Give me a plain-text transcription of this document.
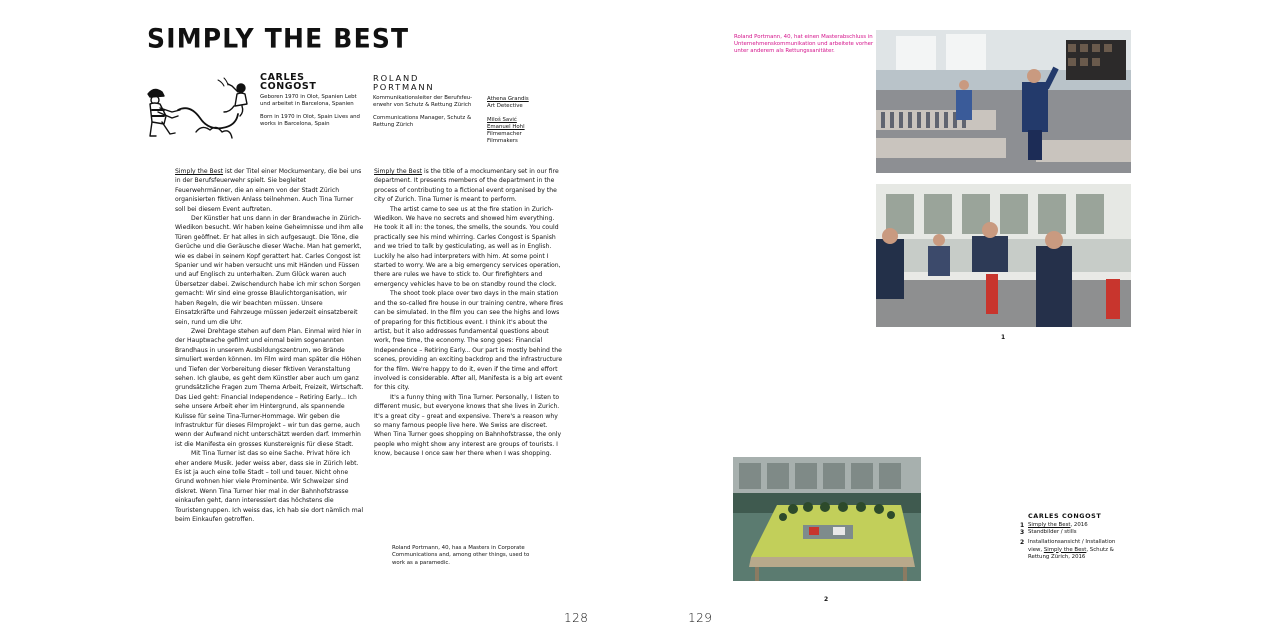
SIMPLY THE BEST
CARLES
CONGOST
Geboren 1970 in Olot, Spanien Lebt und arbeitet in Barcelona, Spanien
Born in 1970 in Olot, Spain Lives and works in Barcelona, Spain
ROLAND
PORTMANN
Kommunikationsleiter der Berufsfeu-erwehr von Schutz & Rettung Zürich
Communications Manager, Schutz & Rettung Zürich
Athena Grandis
Art Detective
Miloš Savić
Emanuel Hohl
Filmemacher
Filmmakers

Simply the Best ist der Titel einer Mockumentary, die bei uns in der Berufsfeuerwehr spielt. Sie begleitet Feuerwehrmänner, die an einem von der Stadt Zürich organisierten fiktiven Anlass teilnehmen. Auch Tina Turner soll bei diesem Event auftreten.

Der Künstler hat uns dann in der Brandwache in Zürich-Wiedikon besucht. Wir haben keine Geheimnisse und ihm alle Türen geöffnet. Er hat alles in sich aufgesaugt. Die Töne, die Gerüche und die Geräusche dieser Wache. Man hat gemerkt, wie es dabei in seinem Kopf gerattert hat. Carles Congost ist Spanier und wir haben versucht uns mit Händen und Füssen und auf Englisch zu unterhalten. Zum Glück waren auch Übersetzer dabei. Zwischendurch habe ich mir schon Sorgen gemacht: Wir sind eine grosse Blaulichtorganisation, wir haben Regeln, die wir beachten müssen. Unsere Einsatzkräfte und Fahrzeuge müssen jederzeit einsatzbereit sein, rund um die Uhr.

Zwei Drehtage stehen auf dem Plan. Einmal wird hier in der Hauptwache gefilmt und einmal beim sogenannten Brandhaus in unserem Ausbildungszentrum, wo Brände simuliert werden können. Im Film wird man später die Höhen und Tiefen der Vorbereitung dieser fiktiven Veranstaltung sehen. Ich glaube, es geht dem Künstler aber auch um ganz grundsätzliche Fragen zum Thema Arbeit, Freizeit, Wirtschaft. Das Lied geht: Financial Independence – Retiring Early... Ich sehe unsere Arbeit eher im Hintergrund, als spannende Kulisse für seine Tina-Turner-Hommage. Wir geben die Infrastruktur für dieses Filmprojekt – wir tun das gerne, auch wenn der Aufwand nicht unterschätzt werden darf. Immerhin ist die Manifesta ein grosses Kunstereignis für diese Stadt.

Mit Tina Turner ist das so eine Sache. Privat höre ich eher andere Musik. Jeder weiss aber, dass sie in Zürich lebt. Es ist ja auch eine tolle Stadt – toll und teuer. Nicht ohne Grund wohnen hier viele Prominente. Wir Schweizer sind diskret. Wenn Tina Turner hier mal in der Bahnhofstrasse einkaufen geht, dann interessiert das höchstens die Touristengruppen. Ich weiss das, ich hab sie dort nämlich mal beim Einkaufen getroffen.

Simply the Best is the title of a mockumentary set in our fire department. It presents members of the department in the process of contributing to a fictional event organised by the city of Zurich. Tina Turner is meant to perform.

The artist came to see us at the fire station in Zurich-Wiedikon. We have no secrets and showed him everything. He took it all in: the tones, the smells, the sounds. You could practically see his mind whirring. Carles Congost is Spanish and we tried to talk by gesticulating, as well as in English. Luckily he also had interpreters with him. At some point I started to worry. We are a big emergency services operation, there are rules we have to stick to. Our firefighters and emergency vehicles have to be on standby round the clock.

The shoot took place over two days in the main station and the so-called fire house in our training centre, where fires can be simulated. In the film you can see the highs and lows of preparing for this fictitious event. I think it's about the artist, but it also addresses fundamental questions about work, free time, the economy. The song goes: Financial Independence – Retiring Early... Our part is mostly behind the scenes, providing an exciting backdrop and the infrastructure for the film. We're happy to do it, even if the time and effort involved is considerable. After all, Manifesta is a big art event for this city.

It's a funny thing with Tina Turner. Personally, I listen to different music, but everyone knows that she lives in Zurich. It's a great city – great and expensive. There's a reason why so many famous people live here. We Swiss are discreet. When Tina Turner goes shopping on Bahnhofstrasse, the only people who might show any interest are groups of tourists. I know, because I once saw her there when I was shopping.

Roland Portmann, 40, has a Masters in Corporate Communications and, among other things, used to work as a paramedic.
128
Roland Portmann, 40, hat einen Masterabschluss in Unternehmenskommunikation und arbeitete vorher unter anderem als Rettungssanitäter.
1
2
CARLES CONGOST
1 Simply the Best, 2016
3 Standbilder / stills
2 Installationsansicht / Installation view, Simply the Best, Schutz & Rettung Zürich, 2016
129
